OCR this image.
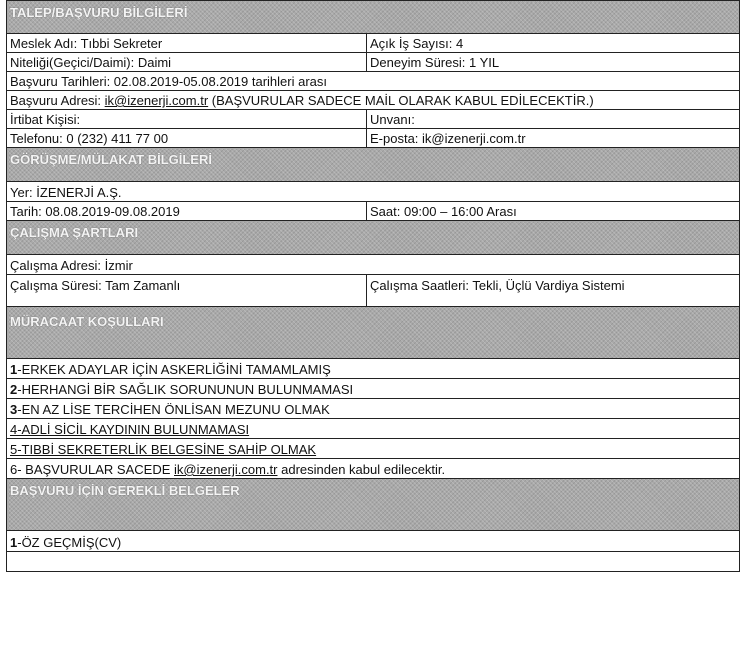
TALEP/BAŞVURU BİLGİLERİ	
Meslek Adı: Tıbbi Sekreter	Açık İş Sayısı: 4
Niteliği(Geçici/Daimi): Daimi	Deneyim Süresi: 1 YIL
Başvuru Tarihleri: 02.08.2019-05.08.2019 tarihleri arası	
Başvuru Adresi: ik@izenerji.com.tr (BAŞVURULAR SADECE MAİL OLARAK KABUL EDİLECEKTİR.)	
İrtibat Kişisi:	Unvanı:
Telefonu: 0 (232) 411 77 00	E-posta: ik@izenerji.com.tr
GÖRÜŞME/MÜLAKAT BİLGİLERİ	
Yer: İZENERJİ A.Ş.	
Tarih: 08.08.2019-09.08.2019	Saat: 09:00 – 16:00 Arası
ÇALIŞMA ŞARTLARI	
Çalışma Adresi: İzmir	
Çalışma Süresi: Tam Zamanlı	Çalışma Saatleri: Tekli, Üçlü Vardiya Sistemi
MÜRACAAT KOŞULLARI	
1-ERKEK ADAYLAR İÇİN ASKERLİĞİNİ TAMAMLAMIŞ	
2-HERHANGİ BİR SAĞLIK SORUNUNUN BULUNMAMASI	
3-EN AZ LİSE TERCİHEN ÖNLİSAN MEZUNU OLMAK	
4-ADLİ SİCİL KAYDININ BULUNMAMASI	
5-TIBBİ SEKRETERLİK BELGESİNE SAHİP OLMAK	
6- BAŞVURULAR SACEDE ik@izenerji.com.tr adresinden kabul edilecektir.	
BAŞVURU İÇİN GEREKLİ BELGELER	
1-ÖZ GEÇMİŞ(CV)	
